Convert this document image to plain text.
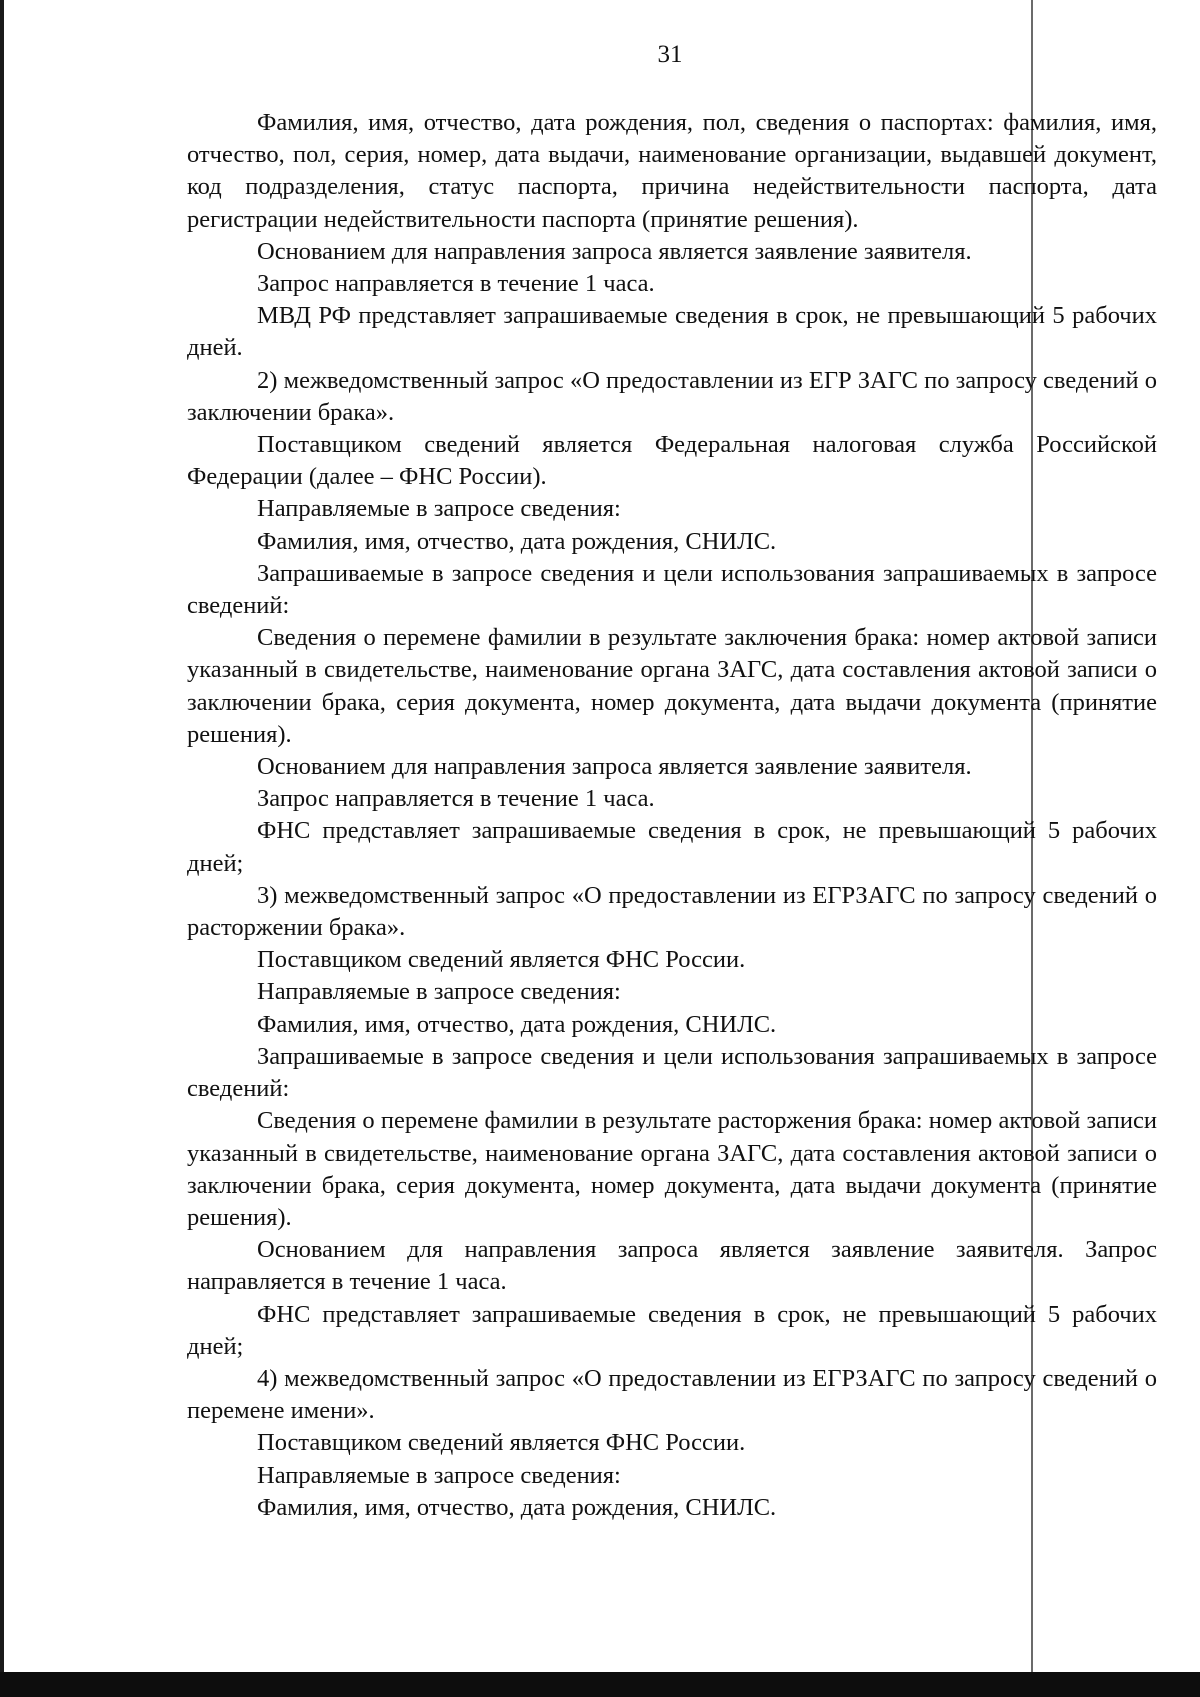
31

Фамилия, имя, отчество, дата рождения, пол, сведения о паспортах: фамилия, имя, отчество, пол, серия, номер, дата выдачи, наименование организации, выдавшей документ, код подразделения, статус паспорта, причина недействительности паспорта, дата регистрации недействительности паспорта (принятие решения).

Основанием для направления запроса является заявление заявителя.

Запрос направляется в течение 1 часа.

МВД РФ представляет запрашиваемые сведения в срок, не превышающий 5 рабочих дней.

2) межведомственный запрос «О предоставлении из ЕГР ЗАГС по запросу сведений о заключении брака».

Поставщиком сведений является Федеральная налоговая служба Российской Федерации (далее – ФНС России).

Направляемые в запросе сведения:

Фамилия, имя, отчество, дата рождения, СНИЛС.

Запрашиваемые в запросе сведения и цели использования запрашиваемых в запросе сведений:

Сведения о перемене фамилии в результате заключения брака: номер актовой записи указанный в свидетельстве, наименование органа ЗАГС, дата составления актовой записи о заключении брака, серия документа, номер документа, дата выдачи документа (принятие решения).

Основанием для направления запроса является заявление заявителя.

Запрос направляется в течение 1 часа.

ФНС представляет запрашиваемые сведения в срок, не превышающий 5 рабочих дней;

3) межведомственный запрос «О предоставлении из ЕГРЗАГС по запросу сведений о расторжении брака».

Поставщиком сведений является ФНС России.

Направляемые в запросе сведения:

Фамилия, имя, отчество, дата рождения, СНИЛС.

Запрашиваемые в запросе сведения и цели использования запрашиваемых в запросе сведений:

Сведения о перемене фамилии в результате расторжения брака: номер актовой записи указанный в свидетельстве, наименование органа ЗАГС, дата составления актовой записи о заключении брака, серия документа, номер документа, дата выдачи документа (принятие решения).

Основанием для направления запроса является заявление заявителя. Запрос направляется в течение 1 часа.

ФНС представляет запрашиваемые сведения в срок, не превышающий 5 рабочих дней;

4) межведомственный запрос «О предоставлении из ЕГРЗАГС по запросу сведений о перемене имени».

Поставщиком сведений является ФНС России.

Направляемые в запросе сведения:

Фамилия, имя, отчество, дата рождения, СНИЛС.
